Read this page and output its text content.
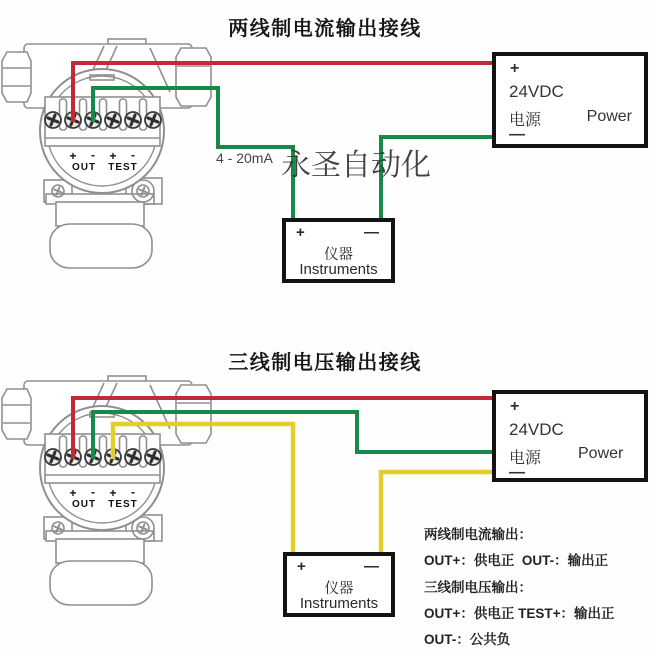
两线制电流输出接线
三线制电压输出接线
+	-	+	-
OUT	TEST
+	-	+	-
OUT	TEST
4 - 20mA 永圣自动化
+
24VDC
电源	Power
—
+	—
仪器
Instruments
+
24VDC
电源 Power
—
+	—
仪器
Instruments
两线制电流输出：
OUT+：供电正  OUT-：输出正
三线制电压输出：
OUT+：供电正 TEST+：输出正
OUT-：公共负
